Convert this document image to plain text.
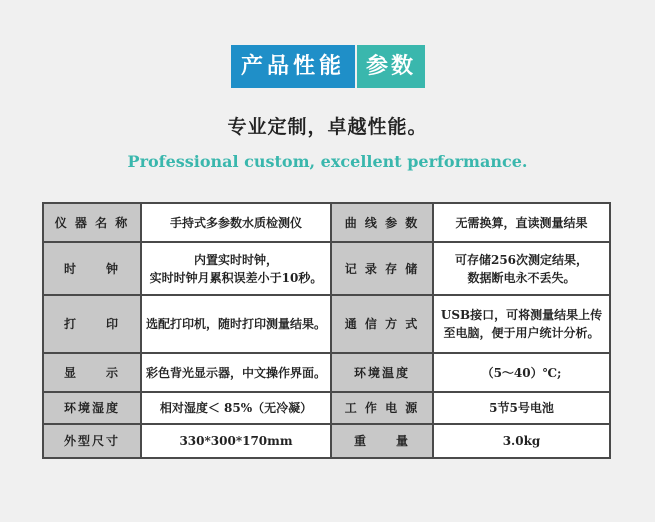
产品性能 参数
专业定制，卓越性能。
Professional custom, excellent performance.
仪 器 名 称	手持式多参数水质检测仪	曲 线 参 数	无需换算，直读测量结果

时　　钟	内置实时时钟，
实时时钟月累积误差小于10秒。	记 录 存 储	可存储256次测定结果，
数据断电永不丢失。

打　　印	选配打印机，随时打印测量结果。	通 信 方 式	USB接口，可将测量结果上传
至电脑，便于用户统计分析。

显　　示	彩色背光显示器，中文操作界面。	环境温度	（5～40）℃;

环境湿度	相对湿度＜ 85%（无冷凝）	工 作 电 源	5节5号电池

外型尺寸	330*300*170mm	重　　量	3.0kg
